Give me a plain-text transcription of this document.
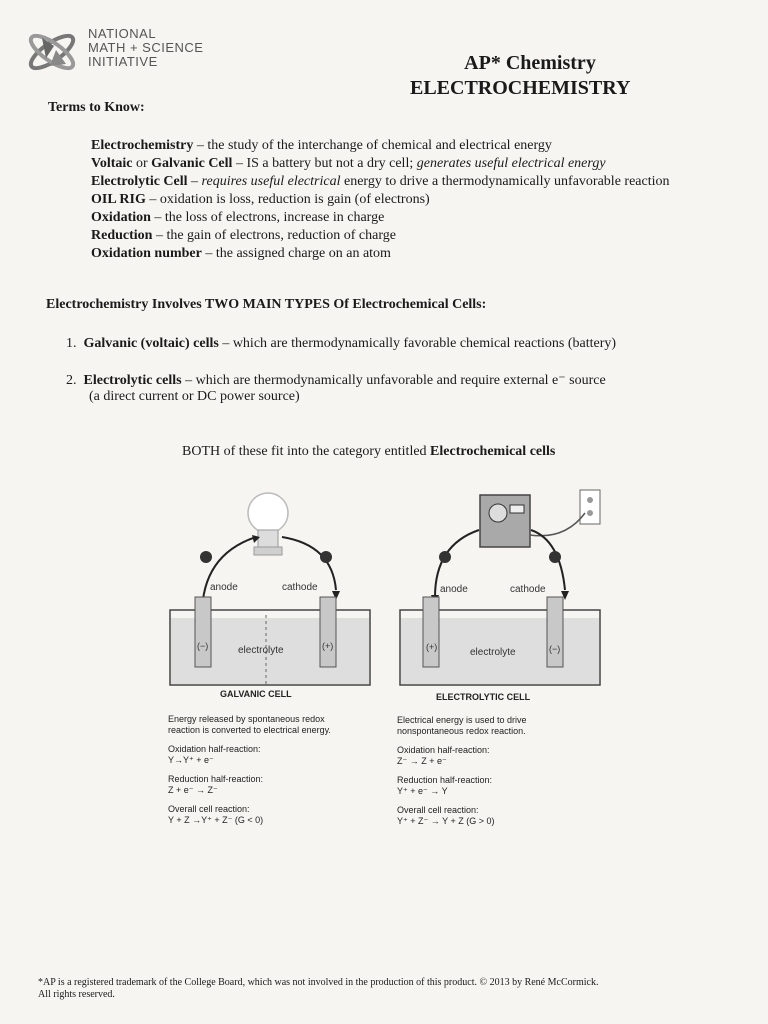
NATIONAL
MATH + SCIENCE
INITIATIVE	AP* Chemistry
ELECTROCHEMISTRY
Terms to Know:
Electrochemistry – the study of the interchange of chemical and electrical energy
Voltaic or Galvanic Cell – IS a battery but not a dry cell; generates useful electrical energy
Electrolytic Cell – requires useful electrical energy to drive a thermodynamically unfavorable reaction
OIL RIG – oxidation is loss, reduction is gain (of electrons)
Oxidation – the loss of electrons, increase in charge
Reduction – the gain of electrons, reduction of charge
Oxidation number – the assigned charge on an atom
Electrochemistry Involves TWO MAIN TYPES Of Electrochemical Cells:
1. Galvanic (voltaic) cells – which are thermodynamically favorable chemical reactions (battery)
2. Electrolytic cells – which are thermodynamically unfavorable and require external e⁻ source
(a direct current or DC power source)
BOTH of these fit into the category entitled Electrochemical cells
anode	cathode
(−)	(+)
electrolyte
GALVANIC CELL
Energy released by spontaneous redox
reaction is converted to electrical energy.
Oxidation half-reaction:
Y→Y⁺ + e⁻
Reduction half-reaction:
Z + e⁻ → Z⁻
Overall cell reaction:
Y + Z →Y⁺ + Z⁻ (G < 0)
anode	cathode
(+)	(−)
electrolyte
ELECTROLYTIC CELL
Electrical energy is used to drive
nonspontaneous redox reaction.
Oxidation half-reaction:
Z⁻ → Z + e⁻
Reduction half-reaction:
Y⁺ + e⁻ → Y
Overall cell reaction:
Y⁺ + Z⁻ → Y + Z (G > 0)
*AP is a registered trademark of the College Board, which was not involved in the production of this product. © 2013 by René McCormick.
All rights reserved.
